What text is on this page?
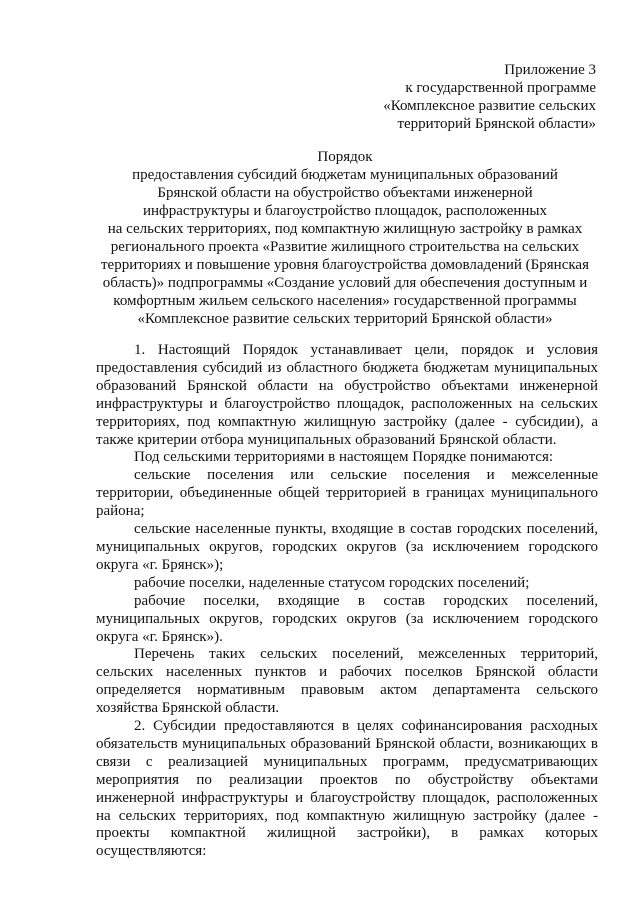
Приложение 3
к государственной программе
«Комплексное развитие сельских
территорий Брянской области»
Порядок
предоставления субсидий бюджетам муниципальных образований
Брянской области на обустройство объектами инженерной
инфраструктуры и благоустройство площадок, расположенных
на сельских территориях, под компактную жилищную застройку в рамках
регионального проекта «Развитие жилищного строительства на сельских
территориях и повышение уровня благоустройства домовладений (Брянская
область)» подпрограммы «Создание условий для обеспечения доступным и
комфортным жильем сельского населения» государственной программы
«Комплексное развитие сельских территорий Брянской области»

1. Настоящий Порядок устанавливает цели, порядок и условия предоставления субсидий из областного бюджета бюджетам муниципальных образований Брянской области на обустройство объектами инженерной инфраструктуры и благоустройство площадок, расположенных на сельских территориях, под компактную жилищную застройку (далее - субсидии), а также критерии отбора муниципальных образований Брянской области.

Под сельскими территориями в настоящем Порядке понимаются:

сельские поселения или сельские поселения и межселенные территории, объединенные общей территорией в границах муниципального района;

сельские населенные пункты, входящие в состав городских поселений, муниципальных округов, городских округов (за исключением городского округа «г. Брянск»);

рабочие поселки, наделенные статусом городских поселений;

рабочие поселки, входящие в состав городских поселений, муниципальных округов, городских округов (за исключением городского округа «г. Брянск»).

Перечень таких сельских поселений, межселенных территорий, сельских населенных пунктов и рабочих поселков Брянской области определяется нормативным правовым актом департамента сельского хозяйства Брянской области.

2. Субсидии предоставляются в целях софинансирования расходных обязательств муниципальных образований Брянской области, возникающих в связи с реализацией муниципальных программ, предусматривающих мероприятия по реализации проектов по обустройству объектами инженерной инфраструктуры и благоустройству площадок, расположенных на сельских территориях, под компактную жилищную застройку (далее - проекты компактной жилищной застройки), в рамках которых осуществляются:
